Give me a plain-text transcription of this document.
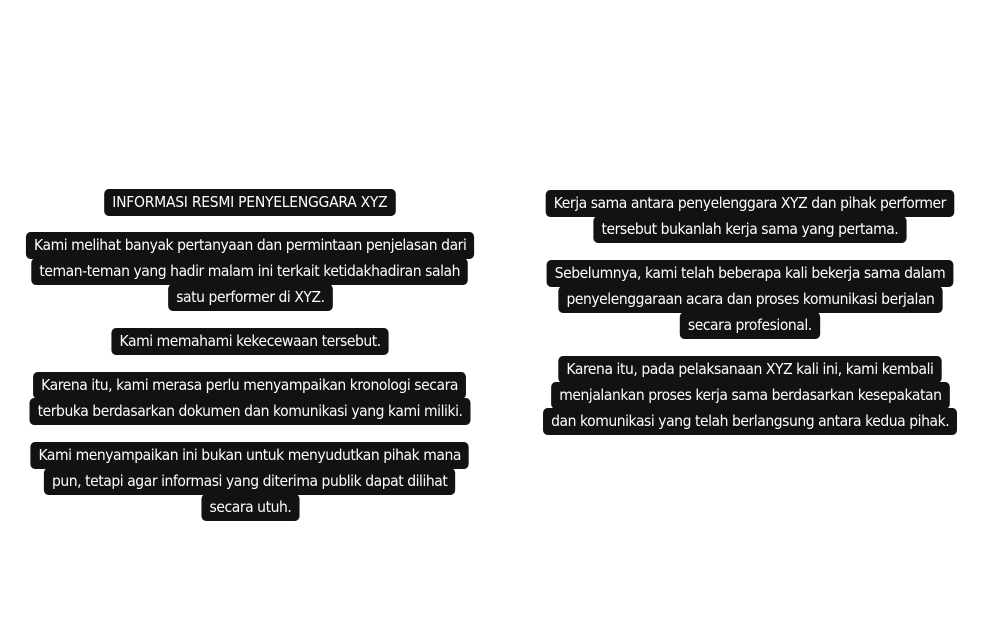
INFORMASI RESMI PENYELENGGARA XYZ
Kami melihat banyak pertanyaan dan permintaan penjelasan dari
teman-teman yang hadir malam ini terkait ketidakhadiran salah
satu performer di XYZ.
Kami memahami kekecewaan tersebut.
Karena itu, kami merasa perlu menyampaikan kronologi secara
terbuka berdasarkan dokumen dan komunikasi yang kami miliki.
Kami menyampaikan ini bukan untuk menyudutkan pihak mana
pun, tetapi agar informasi yang diterima publik dapat dilihat
secara utuh.
Kerja sama antara penyelenggara XYZ dan pihak performer
tersebut bukanlah kerja sama yang pertama.
Sebelumnya, kami telah beberapa kali bekerja sama dalam
penyelenggaraan acara dan proses komunikasi berjalan
secara profesional.
Karena itu, pada pelaksanaan XYZ kali ini, kami kembali
menjalankan proses kerja sama berdasarkan kesepakatan
dan komunikasi yang telah berlangsung antara kedua pihak.
